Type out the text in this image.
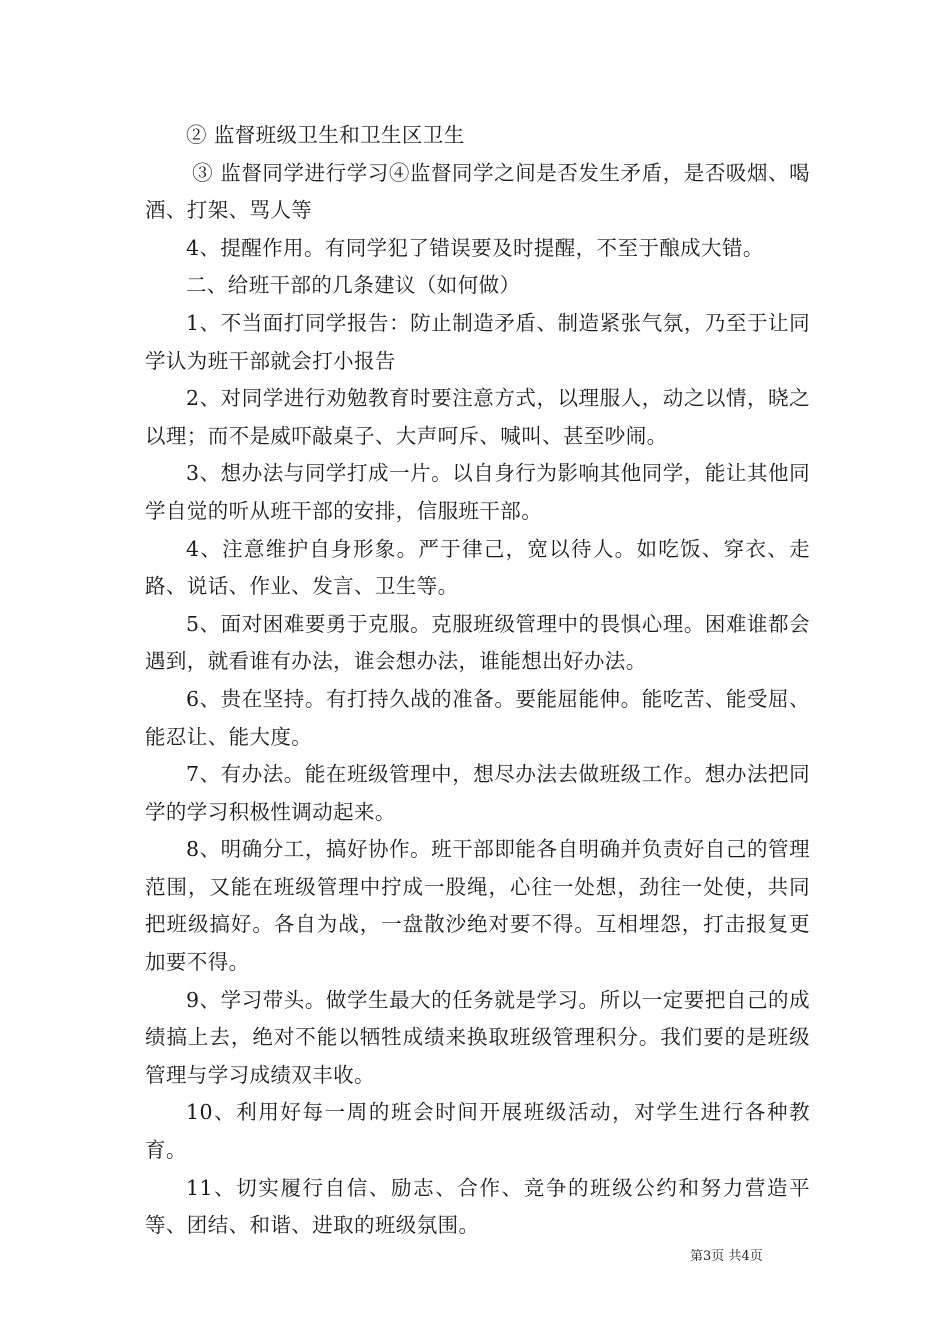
② 监督班级卫生和卫生区卫生

③ 监督同学进行学习④监督同学之间是否发生矛盾，是否吸烟、喝酒、打架、骂人等

4、提醒作用。有同学犯了错误要及时提醒，不至于酿成大错。

二、给班干部的几条建议（如何做）

1、不当面打同学报告：防止制造矛盾、制造紧张气氛，乃至于让同学认为班干部就会打小报告

2、对同学进行劝勉教育时要注意方式，以理服人，动之以情，晓之以理；而不是威吓敲桌子、大声呵斥、喊叫、甚至吵闹。

3、想办法与同学打成一片。以自身行为影响其他同学，能让其他同学自觉的听从班干部的安排，信服班干部。

4、注意维护自身形象。严于律己，宽以待人。如吃饭、穿衣、走路、说话、作业、发言、卫生等。

5、面对困难要勇于克服。克服班级管理中的畏惧心理。困难谁都会遇到，就看谁有办法，谁会想办法，谁能想出好办法。

6、贵在坚持。有打持久战的准备。要能屈能伸。能吃苦、能受屈、能忍让、能大度。

7、有办法。能在班级管理中，想尽办法去做班级工作。想办法把同学的学习积极性调动起来。

8、明确分工，搞好协作。班干部即能各自明确并负责好自己的管理范围，又能在班级管理中拧成一股绳，心往一处想，劲往一处使，共同把班级搞好。各自为战，一盘散沙绝对要不得。互相埋怨，打击报复更加要不得。

9、学习带头。做学生最大的任务就是学习。所以一定要把自己的成绩搞上去，绝对不能以牺牲成绩来换取班级管理积分。我们要的是班级管理与学习成绩双丰收。

10、利用好每一周的班会时间开展班级活动，对学生进行各种教育。

11、切实履行自信、励志、合作、竞争的班级公约和努力营造平等、团结、和谐、进取的班级氛围。

第3页 共4页
